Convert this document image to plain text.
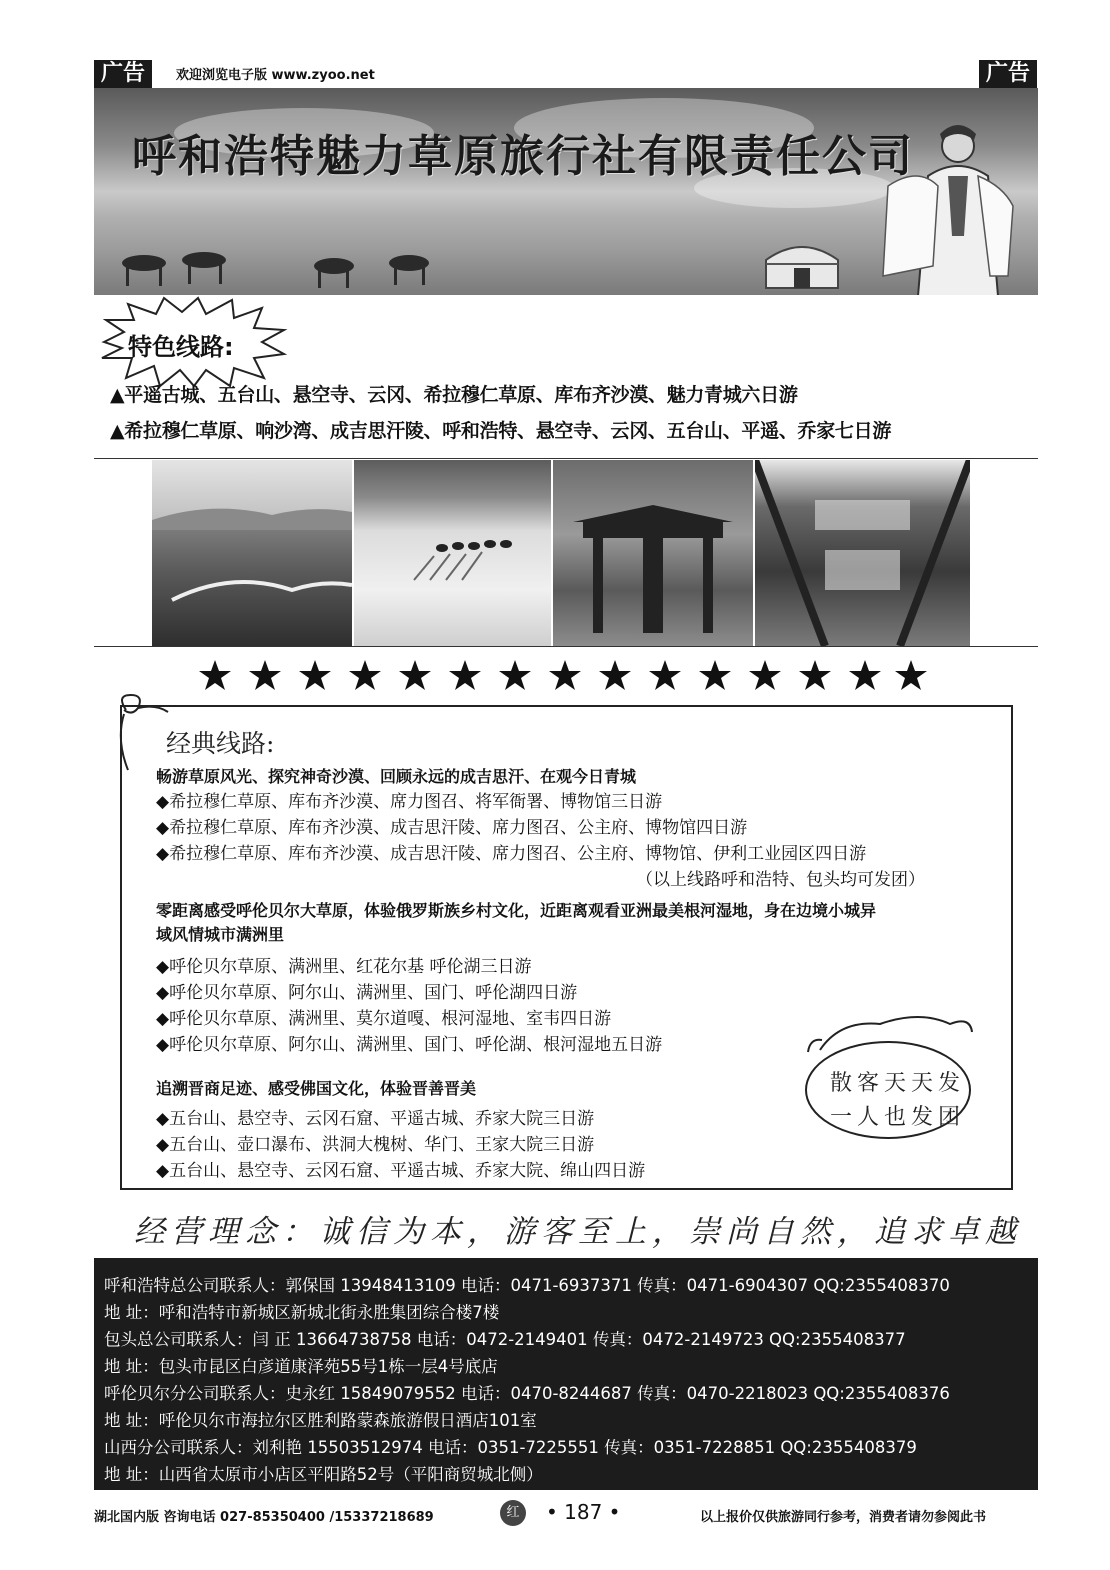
广告	欢迎浏览电子版 www.zyoo.net	广告
呼和浩特魅力草原旅行社有限责任公司
特色线路:
▲平遥古城、五台山、悬空寺、云冈、希拉穆仁草原、库布齐沙漠、魅力青城六日游
▲希拉穆仁草原、响沙湾、成吉思汗陵、呼和浩特、悬空寺、云冈、五台山、平遥、乔家七日游
经典线路:
畅游草原风光、探究神奇沙漠、回顾永远的成吉思汗、在观今日青城
◆希拉穆仁草原、库布齐沙漠、席力图召、将军衙署、博物馆三日游
◆希拉穆仁草原、库布齐沙漠、成吉思汗陵、席力图召、公主府、博物馆四日游
◆希拉穆仁草原、库布齐沙漠、成吉思汗陵、席力图召、公主府、博物馆、伊利工业园区四日游
（以上线路呼和浩特、包头均可发团）
零距离感受呼伦贝尔大草原，体验俄罗斯族乡村文化，近距离观看亚洲最美根河湿地，身在边境小城异
域风情城市满洲里
◆呼伦贝尔草原、满洲里、红花尔基 呼伦湖三日游
◆呼伦贝尔草原、阿尔山、满洲里、国门、呼伦湖四日游
◆呼伦贝尔草原、满洲里、莫尔道嘎、根河湿地、室韦四日游
◆呼伦贝尔草原、阿尔山、满洲里、国门、呼伦湖、根河湿地五日游
追溯晋商足迹、感受佛国文化，体验晋善晋美
◆五台山、悬空寺、云冈石窟、平遥古城、乔家大院三日游
◆五台山、壶口瀑布、洪洞大槐树、华门、王家大院三日游
◆五台山、悬空寺、云冈石窟、平遥古城、乔家大院、绵山四日游
散客天天发
一人也发团
经营理念：诚信为本，游客至上，崇尚自然，追求卓越
呼和浩特总公司联系人：郭保国 13948413109 电话：0471-6937371 传真：0471-6904307 QQ:2355408370
地 址：呼和浩特市新城区新城北街永胜集团综合楼7楼
包头总公司联系人：闫 正 13664738758 电话：0472-2149401 传真：0472-2149723 QQ:2355408377
地 址：包头市昆区白彦道康泽苑55号1栋一层4号底店
呼伦贝尔分公司联系人：史永红 15849079552 电话：0470-8244687 传真：0470-2218023 QQ:2355408376
地 址：呼伦贝尔市海拉尔区胜利路蒙森旅游假日酒店101室
山西分公司联系人：刘利艳 15503512974 电话：0351-7225551 传真：0351-7228851 QQ:2355408379
地 址：山西省太原市小店区平阳路52号（平阳商贸城北侧）
湖北国内版 咨询电话 027-85350400 /15337218689	红	• 187 •	以上报价仅供旅游同行参考，消费者请勿参阅此书
